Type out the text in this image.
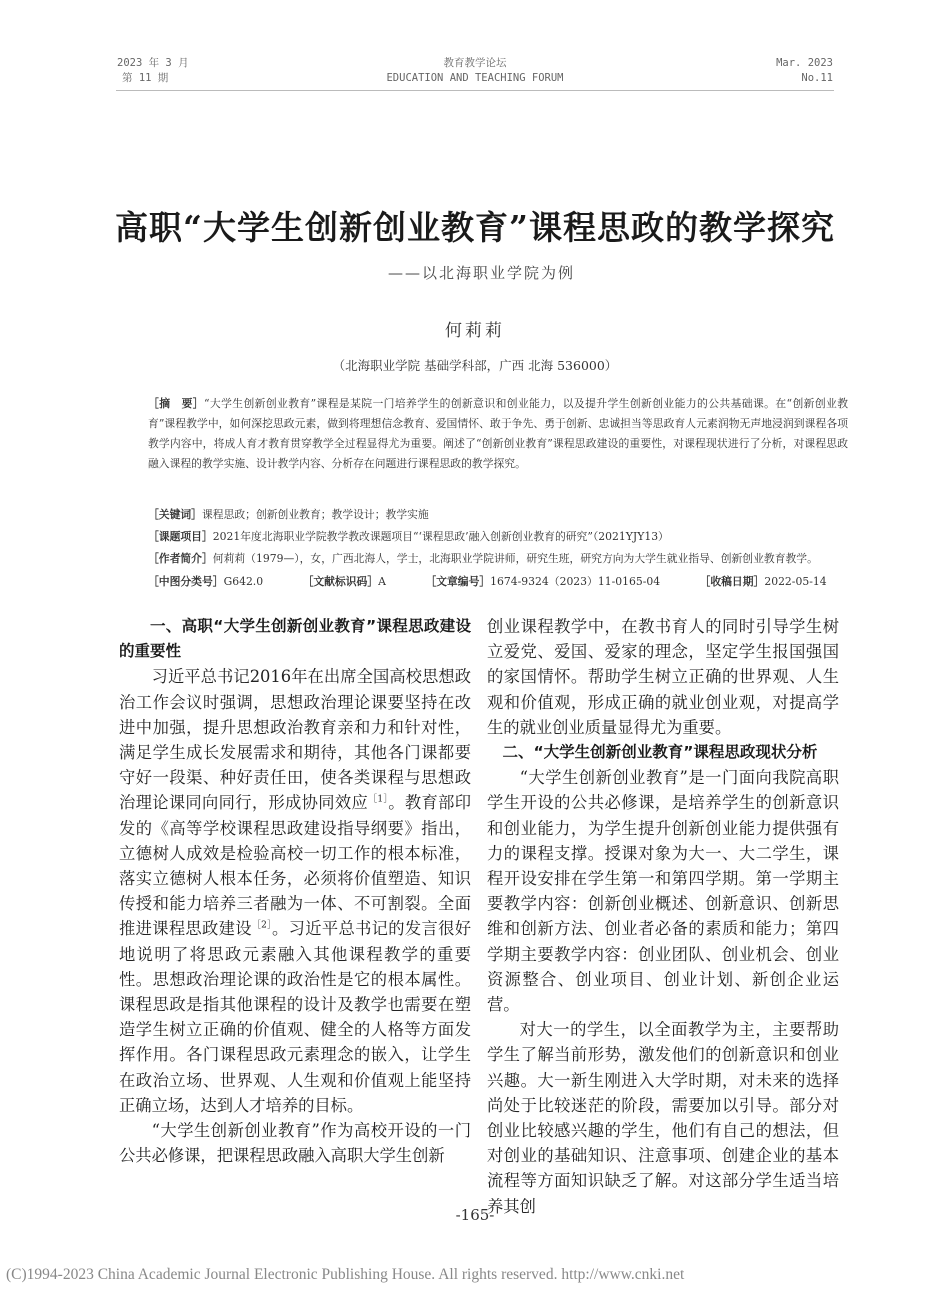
2023 年 3 月
第 11 期
教育教学论坛
EDUCATION AND TEACHING FORUM
Mar. 2023
No.11
高职“大学生创新创业教育”课程思政的教学探究
——以北海职业学院为例
何莉莉
（北海职业学院 基础学科部，广西 北海 536000）
［摘　要］“大学生创新创业教育”课程是某院一门培养学生的创新意识和创业能力，以及提升学生创新创业能力的公共基础课。在“创新创业教育”课程教学中，如何深挖思政元素，做到将理想信念教育、爱国情怀、敢于争先、勇于创新、忠诚担当等思政育人元素润物无声地浸润到课程各项教学内容中，将成人育才教育贯穿教学全过程显得尤为重要。阐述了“创新创业教育”课程思政建设的重要性，对课程现状进行了分析，对课程思政融入课程的教学实施、设计教学内容、分析存在问题进行课程思政的教学探究。
［关键词］课程思政；创新创业教育；教学设计；教学实施
［课题项目］2021年度北海职业学院教学教改课题项目“‘课程思政’融入创新创业教育的研究”（2021YJY13）
［作者简介］何莉莉（1979—），女，广西北海人，学士，北海职业学院讲师，研究生班，研究方向为大学生就业指导、创新创业教育教学。
［中图分类号］G642.0	［文献标识码］A	［文章编号］1674-9324（2023）11-0165-04	［收稿日期］2022-05-14
一、高职“大学生创新创业教育”课程思政建设的重要性

习近平总书记2016年在出席全国高校思想政治工作会议时强调，思想政治理论课要坚持在改进中加强，提升思想政治教育亲和力和针对性，满足学生成长发展需求和期待，其他各门课都要守好一段渠、种好责任田，使各类课程与思想政治理论课同向同行，形成协同效应$^{[1]}$。教育部印发的《高等学校课程思政建设指导纲要》指出，立德树人成效是检验高校一切工作的根本标准，落实立德树人根本任务，必须将价值塑造、知识传授和能力培养三者融为一体、不可割裂。全面推进课程思政建设$^{[2]}$。习近平总书记的发言很好地说明了将思政元素融入其他课程教学的重要性。思想政治理论课的政治性是它的根本属性。课程思政是指其他课程的设计及教学也需要在塑造学生树立正确的价值观、健全的人格等方面发挥作用。各门课程思政元素理念的嵌入，让学生在政治立场、世界观、人生观和价值观上能坚持正确立场，达到人才培养的目标。

“大学生创新创业教育”作为高校开设的一门公共必修课，把课程思政融入高职大学生创新

创业课程教学中，在教书育人的同时引导学生树立爱党、爱国、爱家的理念，坚定学生报国强国的家国情怀。帮助学生树立正确的世界观、人生观和价值观，形成正确的就业创业观，对提高学生的就业创业质量显得尤为重要。

二、“大学生创新创业教育”课程思政现状分析

“大学生创新创业教育”是一门面向我院高职学生开设的公共必修课，是培养学生的创新意识和创业能力，为学生提升创新创业能力提供强有力的课程支撑。授课对象为大一、大二学生，课程开设安排在学生第一和第四学期。第一学期主要教学内容：创新创业概述、创新意识、创新思维和创新方法、创业者必备的素质和能力；第四学期主要教学内容：创业团队、创业机会、创业资源整合、创业项目、创业计划、新创企业运营。

对大一的学生，以全面教学为主，主要帮助学生了解当前形势，激发他们的创新意识和创业兴趣。大一新生刚进入大学时期，对未来的选择尚处于比较迷茫的阶段，需要加以引导。部分对创业比较感兴趣的学生，他们有自己的想法，但对创业的基础知识、注意事项、创建企业的基本流程等方面知识缺乏了解。对这部分学生适当培养其创

-165-
(C)1994-2023 China Academic Journal Electronic Publishing House. All rights reserved. http://www.cnki.net
